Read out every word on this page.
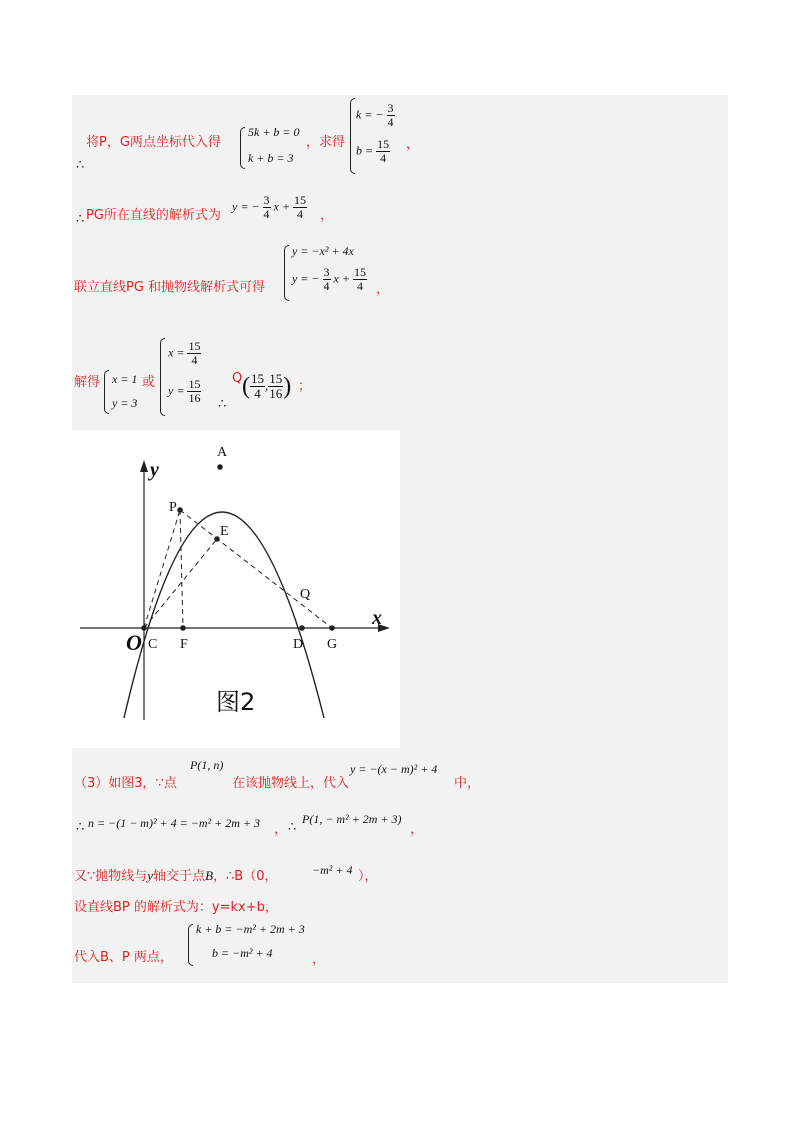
将P，G两点坐标代入得
5k + b = 0
k + b = 3
，求得
k = − $\frac{3}{4}$
$b = \frac{15}{4}$ ，
∴
∴ PG所在直线的解析式为
y = − $\frac{3}{4}$ $x + \frac{15}{4}$ ，
联立直线PG 和抛物线解析式可得
y = −x² + 4x
y = − $\frac{3}{4}$ $x + \frac{15}{4}$ ，
解得 x = 1
y = 3
或
$x = \frac{15}{4}$
$y = \frac{15}{16}$ Q
∴
( $\frac{15}{4}$ , $\frac{15}{16}$ ) ；
y
x
A
P
E
Q
O C F	D G
图2
（3）如图3，∵点
P(1, n)
在该抛物线上，代入
y = −(x − m)² + 4
中，
∴ n = −(1 − m)² + 4 = −m² + 2m + 3 ， ∴
P(1, − m² + 2m + 3)
，
又∵抛物线与y轴交于点B，∴B（0，	−m² + 4 ），
设直线BP 的解析式为：y=kx+b，
代入B、P 两点，
k + b = −m² + 2m + 3
b = −m² + 4	，
